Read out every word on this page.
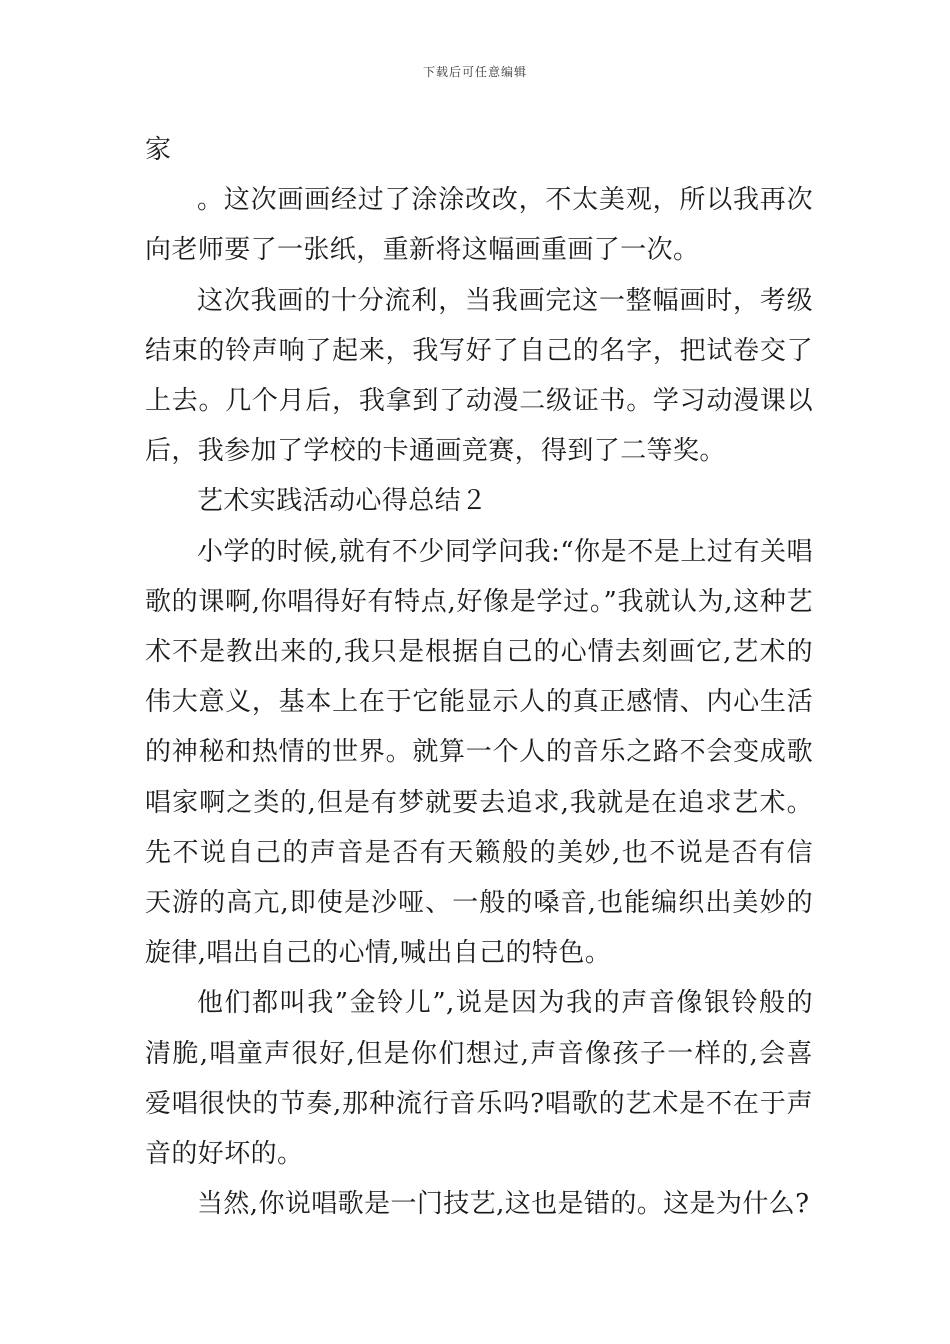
下载后可任意编辑

家

。这次画画经过了涂涂改改，不太美观，所以我再次向老师要了一张纸，重新将这幅画重画了一次。

这次我画的十分流利，当我画完这一整幅画时，考级结束的铃声响了起来，我写好了自己的名字，把试卷交了上去。几个月后，我拿到了动漫二级证书。学习动漫课以后，我参加了学校的卡通画竞赛，得到了二等奖。

艺术实践活动心得总结２

小学的时候,就有不少同学问我:“你是不是上过有关唱歌的课啊,你唱得好有特点,好像是学过。”我就认为,这种艺术不是教出来的,我只是根据自己的心情去刻画它,艺术的伟大意义，基本上在于它能显示人的真正感情、内心生活的神秘和热情的世界。就算一个人的音乐之路不会变成歌唱家啊之类的,但是有梦就要去追求,我就是在追求艺术。先不说自己的声音是否有天籁般的美妙,也不说是否有信天游的高亢,即使是沙哑、一般的嗓音,也能编织出美妙的旋律,唱出自己的心情,喊出自己的特色。

他们都叫我”金铃儿”,说是因为我的声音像银铃般的清脆,唱童声很好,但是你们想过,声音像孩子一样的,会喜爱唱很快的节奏,那种流行音乐吗?唱歌的艺术是不在于声音的好坏的。

当然,你说唱歌是一门技艺,这也是错的。这是为什么?
